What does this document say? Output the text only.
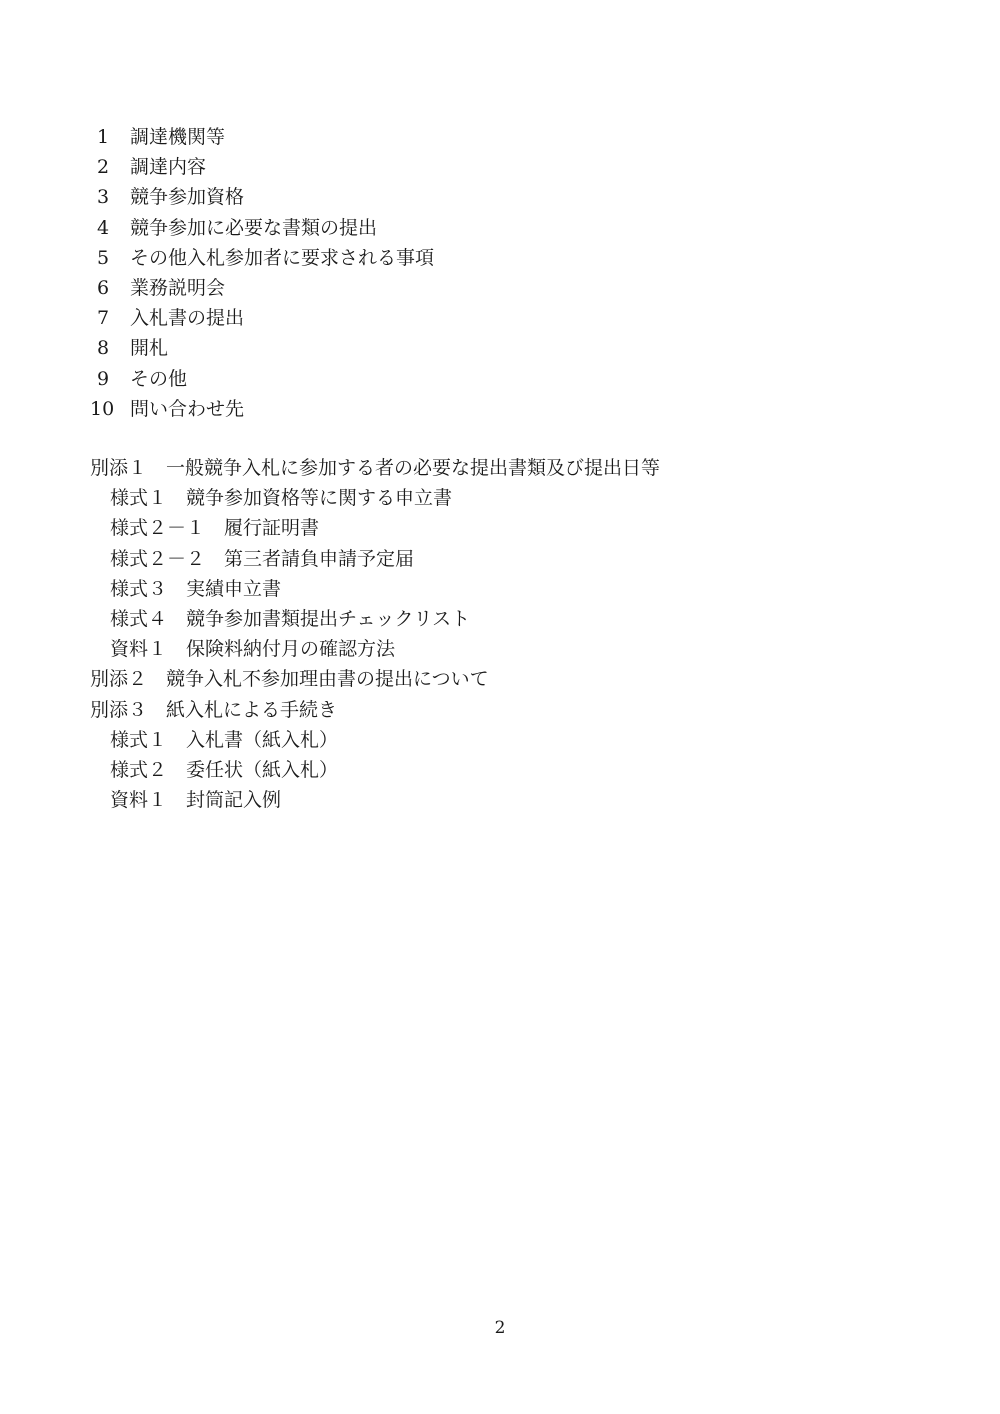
1 調達機関等
2 調達内容
3 競争参加資格
4 競争参加に必要な書類の提出
5 その他入札参加者に要求される事項
6 業務説明会
7 入札書の提出
8 開札
9 その他
10 問い合わせ先
別添１ 一般競争入札に参加する者の必要な提出書類及び提出日等
様式１ 競争参加資格等に関する申立書
様式２－１ 履行証明書
様式２－２ 第三者請負申請予定届
様式３ 実績申立書
様式４ 競争参加書類提出チェックリスト
資料１ 保険料納付月の確認方法
別添２ 競争入札不参加理由書の提出について
別添３ 紙入札による手続き
様式１ 入札書（紙入札）
様式２ 委任状（紙入札）
資料１ 封筒記入例
2
